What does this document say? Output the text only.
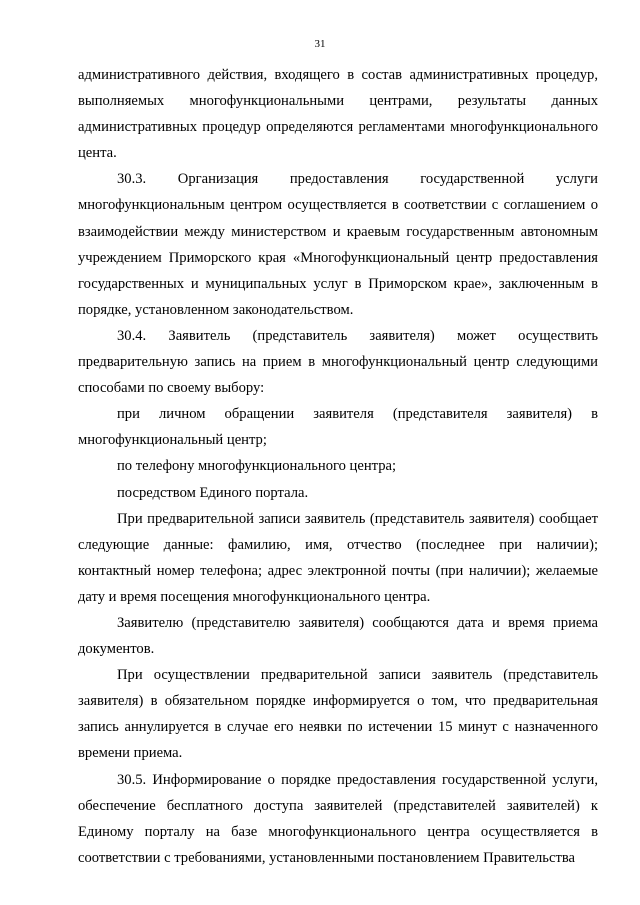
31

административного действия, входящего в состав административных процедур, выполняемых многофункциональными центрами, результаты данных административных процедур определяются регламентами многофункционального цента.

30.3. Организация предоставления государственной услуги многофункциональным центром осуществляется в соответствии с соглашением о взаимодействии между министерством и краевым государственным автономным учреждением Приморского края «Многофункциональный центр предоставления государственных и муниципальных услуг в Приморском крае», заключенным в порядке, установленном законодательством.

30.4. Заявитель (представитель заявителя) может осуществить предварительную запись на прием в многофункциональный центр следующими способами по своему выбору:

при личном обращении заявителя (представителя заявителя) в многофункциональный центр;

по телефону многофункционального центра;

посредством Единого портала.

При предварительной записи заявитель (представитель заявителя) сообщает следующие данные: фамилию, имя, отчество (последнее при наличии); контактный номер телефона; адрес электронной почты (при наличии); желаемые дату и время посещения многофункционального центра.

Заявителю (представителю заявителя) сообщаются дата и время приема документов.

При осуществлении предварительной записи заявитель (представитель заявителя) в обязательном порядке информируется о том, что предварительная запись аннулируется в случае его неявки по истечении 15 минут с назначенного времени приема.

30.5. Информирование о порядке предоставления государственной услуги, обеспечение бесплатного доступа заявителей (представителей заявителей) к Единому порталу на базе многофункционального центра осуществляется в соответствии с требованиями, установленными постановлением Правительства
